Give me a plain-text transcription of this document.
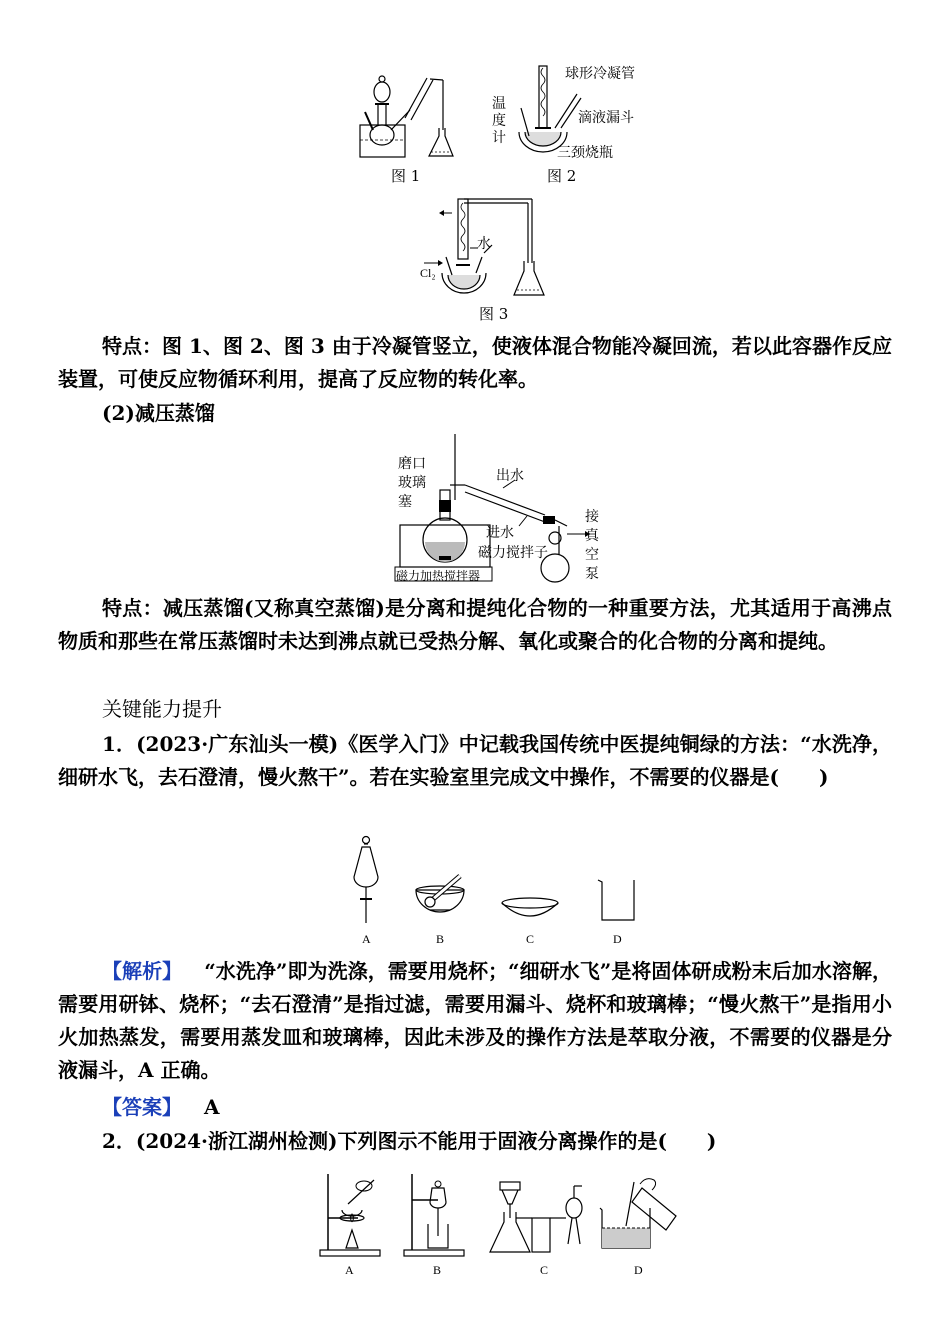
图 1
球形冷凝管
滴液漏斗
三颈烧瓶
温度计
图 2
水
Cl₂
图 3
特点：图 1、图 2、图 3 由于冷凝管竖立，使液体混合物能冷凝回流，若以此容器作反应装置，可使反应物循环利用，提高了反应物的转化率。
(2)减压蒸馏
磨口玻璃塞
出水
进水
接真空泵
磁力搅拌子
磁力加热搅拌器
特点：减压蒸馏(又称真空蒸馏)是分离和提纯化合物的一种重要方法，尤其适用于高沸点物质和那些在常压蒸馏时未达到沸点就已受热分解、氧化或聚合的化合物的分离和提纯。
关键能力提升
1．(2023·广东汕头一模)《医学入门》中记载我国传统中医提纯铜绿的方法：“水洗净，细研水飞，去石澄清，慢火熬干”。若在实验室里完成文中操作，不需要的仪器是(　　)
A	B	C	D
【解析】 “水洗净”即为洗涤，需要用烧杯；“细研水飞”是将固体研成粉末后加水溶解，需要用研钵、烧杯；“去石澄清”是指过滤，需要用漏斗、烧杯和玻璃棒；“慢火熬干”是指用小火加热蒸发，需要用蒸发皿和玻璃棒，因此未涉及的操作方法是萃取分液，不需要的仪器是分液漏斗，A 正确。
【答案】 A
2．(2024·浙江湖州检测)下列图示不能用于固液分离操作的是(　　)
A	B	C	D
